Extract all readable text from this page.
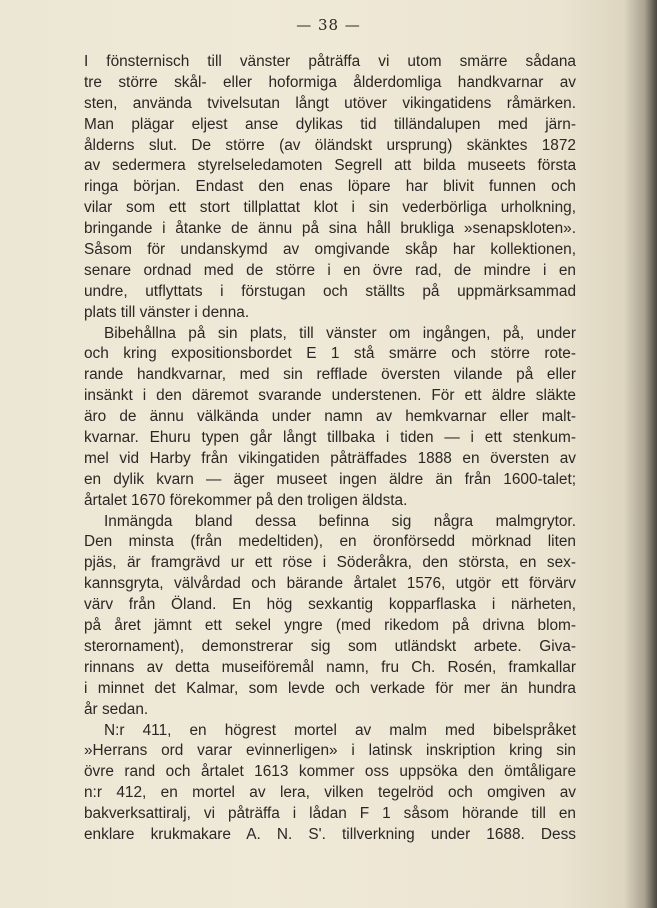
— 38 —
I fönsternisch till vänster påträffa vi utom smärre sådana
tre större skål- eller hoformiga ålderdomliga handkvarnar av
sten, använda tvivelsutan långt utöver vikingatidens råmärken.
Man plägar eljest anse dylikas tid tilländalupen med järn-
ålderns slut. De större (av öländskt ursprung) skänktes 1872
av sedermera styrelseledamoten Segrell att bilda museets första
ringa början. Endast den enas löpare har blivit funnen och
vilar som ett stort tillplattat klot i sin vederbörliga urholkning,
bringande i åtanke de ännu på sina håll brukliga »senapskloten».
Såsom för undanskymd av omgivande skåp har kollektionen,
senare ordnad med de större i en övre rad, de mindre i en
undre, utflyttats i förstugan och ställts på uppmärksammad
plats till vänster i denna.
Bibehållna på sin plats, till vänster om ingången, på, under
och kring expositionsbordet E 1 stå smärre och större rote-
rande handkvarnar, med sin refflade översten vilande på eller
insänkt i den däremot svarande understenen. För ett äldre släkte
äro de ännu välkända under namn av hemkvarnar eller malt-
kvarnar. Ehuru typen går långt tillbaka i tiden — i ett stenkum-
mel vid Harby från vikingatiden påträffades 1888 en översten av
en dylik kvarn — äger museet ingen äldre än från 1600-talet;
årtalet 1670 förekommer på den troligen äldsta.
Inmängda bland dessa befinna sig några malmgrytor.
Den minsta (från medeltiden), en öronförsedd mörknad liten
pjäs, är framgrävd ur ett röse i Söderåkra, den största, en sex-
kannsgryta, välvårdad och bärande årtalet 1576, utgör ett förvärv
värv från Öland. En hög sexkantig kopparflaska i närheten,
på året jämnt ett sekel yngre (med rikedom på drivna blom-
sterornament), demonstrerar sig som utländskt arbete. Giva-
rinnans av detta museiföremål namn, fru Ch. Rosén, framkallar
i minnet det Kalmar, som levde och verkade för mer än hundra
år sedan.
N:r 411, en högrest mortel av malm med bibelspråket
»Herrans ord varar evinnerligen» i latinsk inskription kring sin
övre rand och årtalet 1613 kommer oss uppsöka den ömtåligare
n:r 412, en mortel av lera, vilken tegelröd och omgiven av
bakverksattiralj, vi påträffa i lådan F 1 såsom hörande till en
enklare krukmakare A. N. S'. tillverkning under 1688. Dess
